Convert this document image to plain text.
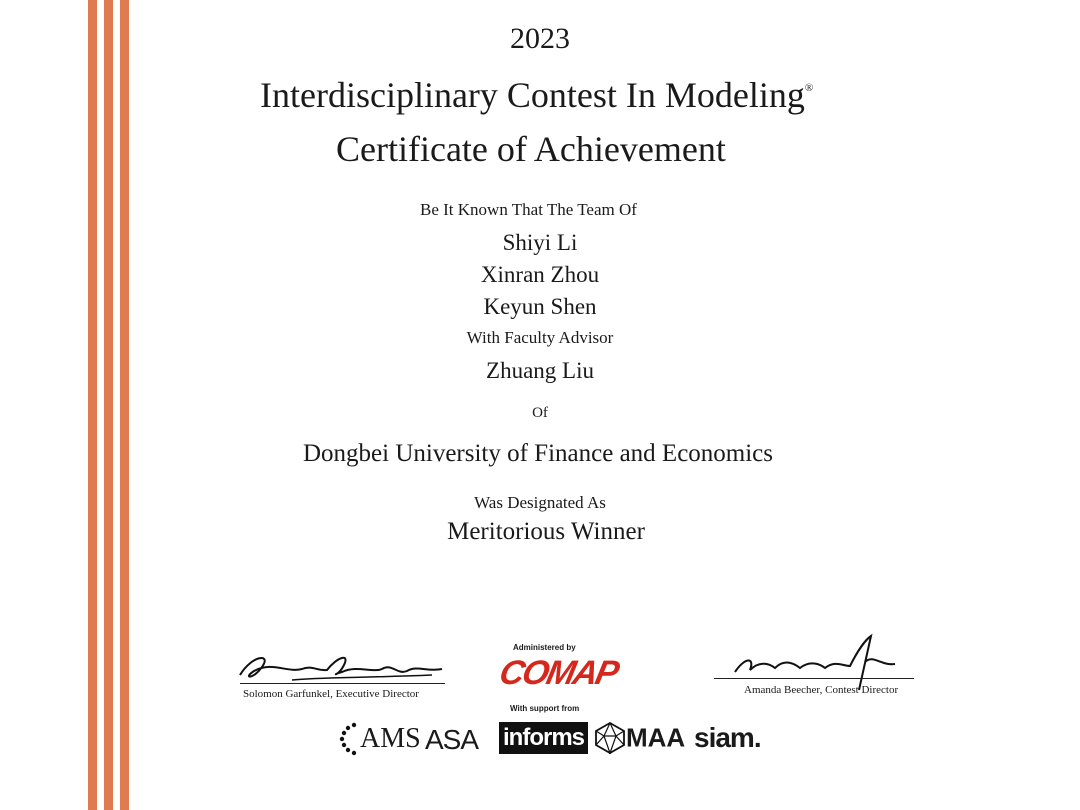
2023
Interdisciplinary Contest In Modeling®
Certificate of Achievement
Be It Known That The Team Of
Shiyi Li
Xinran Zhou
Keyun Shen
With Faculty Advisor
Zhuang Liu
Of
Dongbei University of Finance and Economics
Was Designated As
Meritorious Winner
Solomon Garfunkel, Executive Director	Amanda Beecher, Contest Director
Administered by
COMAP
With support from
AMS ASA informs	MAA siam.
